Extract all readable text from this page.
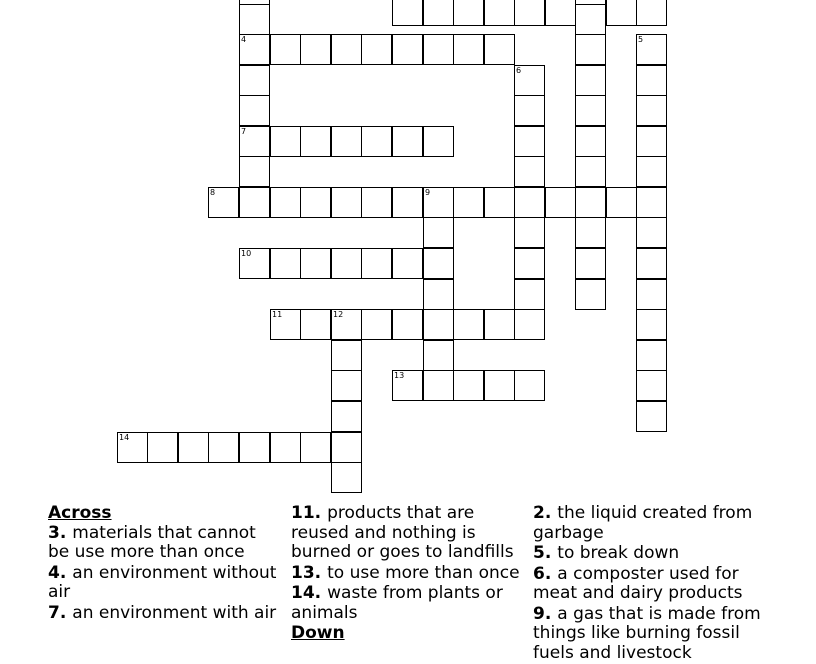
4	5
6
7
8	9
10
11	12
13
14
Across
3. materials that cannot be use more than once
4. an environment without air
7. an environment with air
11. products that are reused and nothing is burned or goes to landfills
13. to use more than once
14. waste from plants or animals
Down
2. the liquid created from garbage
5. to break down
6. a composter used for meat and dairy products
9. a gas that is made from things like burning fossil fuels and livestock
